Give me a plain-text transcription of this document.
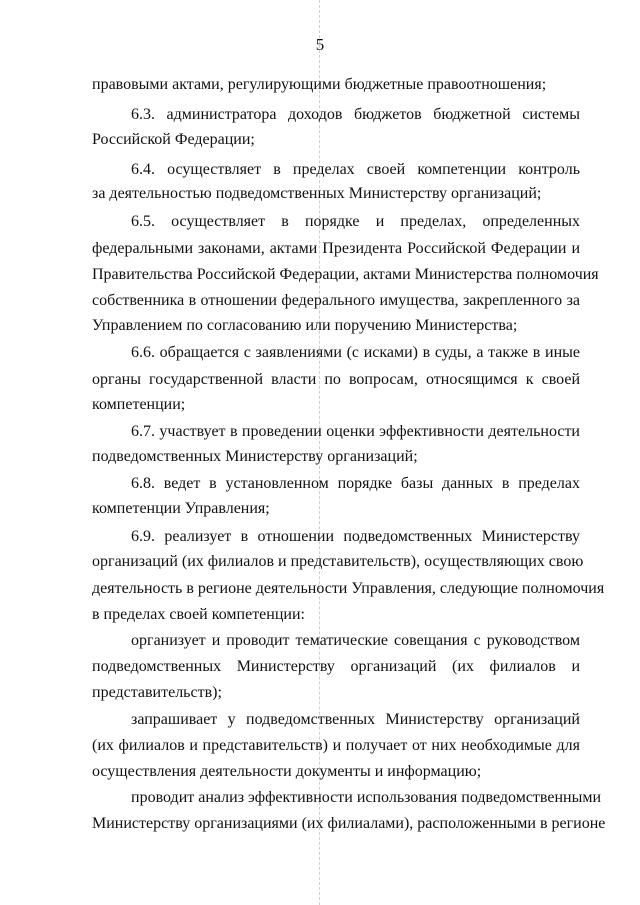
5
правовыми актами, регулирующими бюджетные правоотношения;
6.3. администратора доходов бюджетов бюджетной системы
Российской Федерации;
6.4. осуществляет в пределах своей компетенции контроль
за деятельностью подведомственных Министерству организаций;
6.5. осуществляет в порядке и пределах, определенных
федеральными законами, актами Президента Российской Федерации и
Правительства Российской Федерации, актами Министерства полномочия
собственника в отношении федерального имущества, закрепленного за
Управлением по согласованию или поручению Министерства;
6.6. обращается с заявлениями (с исками) в суды, а также в иные
органы государственной власти по вопросам, относящимся к своей
компетенции;
6.7. участвует в проведении оценки эффективности деятельности
подведомственных Министерству организаций;
6.8. ведет в установленном порядке базы данных в пределах
компетенции Управления;
6.9. реализует в отношении подведомственных Министерству
организаций (их филиалов и представительств), осуществляющих свою
деятельность в регионе деятельности Управления, следующие полномочия
в пределах своей компетенции:
организует и проводит тематические совещания с руководством
подведомственных Министерству организаций (их филиалов и
представительств);
запрашивает у подведомственных Министерству организаций
(их филиалов и представительств) и получает от них необходимые для
осуществления деятельности документы и информацию;
проводит анализ эффективности использования подведомственными
Министерству организациями (их филиалами), расположенными в регионе
